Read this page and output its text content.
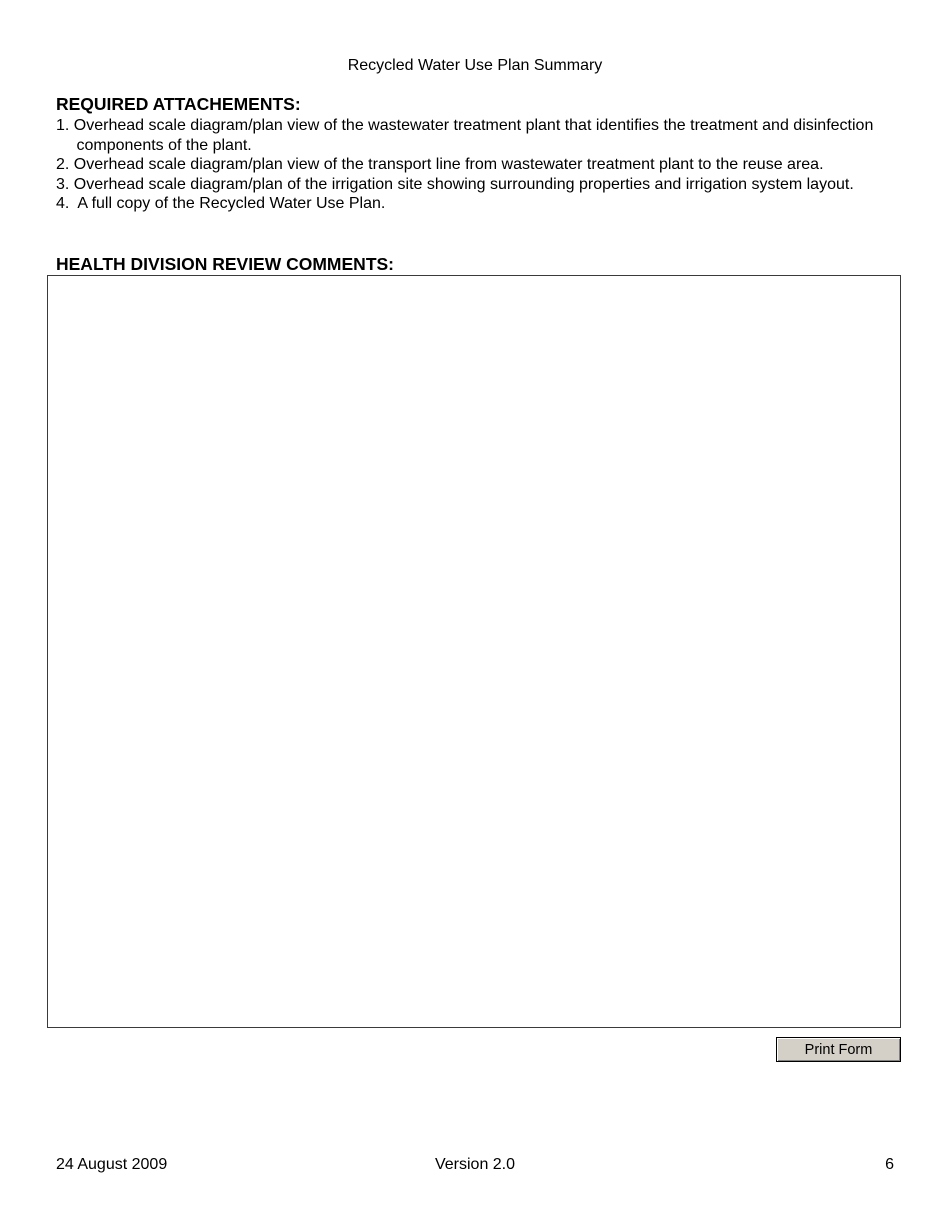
Recycled Water Use Plan Summary
REQUIRED ATTACHEMENTS:
1. Overhead scale diagram/plan view of the wastewater treatment plant that identifies the treatment and disinfection components of the plant.
2. Overhead scale diagram/plan view of the transport line from wastewater treatment plant to the reuse area.
3. Overhead scale diagram/plan of the irrigation site showing surrounding properties and irrigation system layout.
4.  A full copy of the Recycled Water Use Plan.
HEALTH DIVISION REVIEW COMMENTS:
Print Form
24 August 2009	Version 2.0	6
